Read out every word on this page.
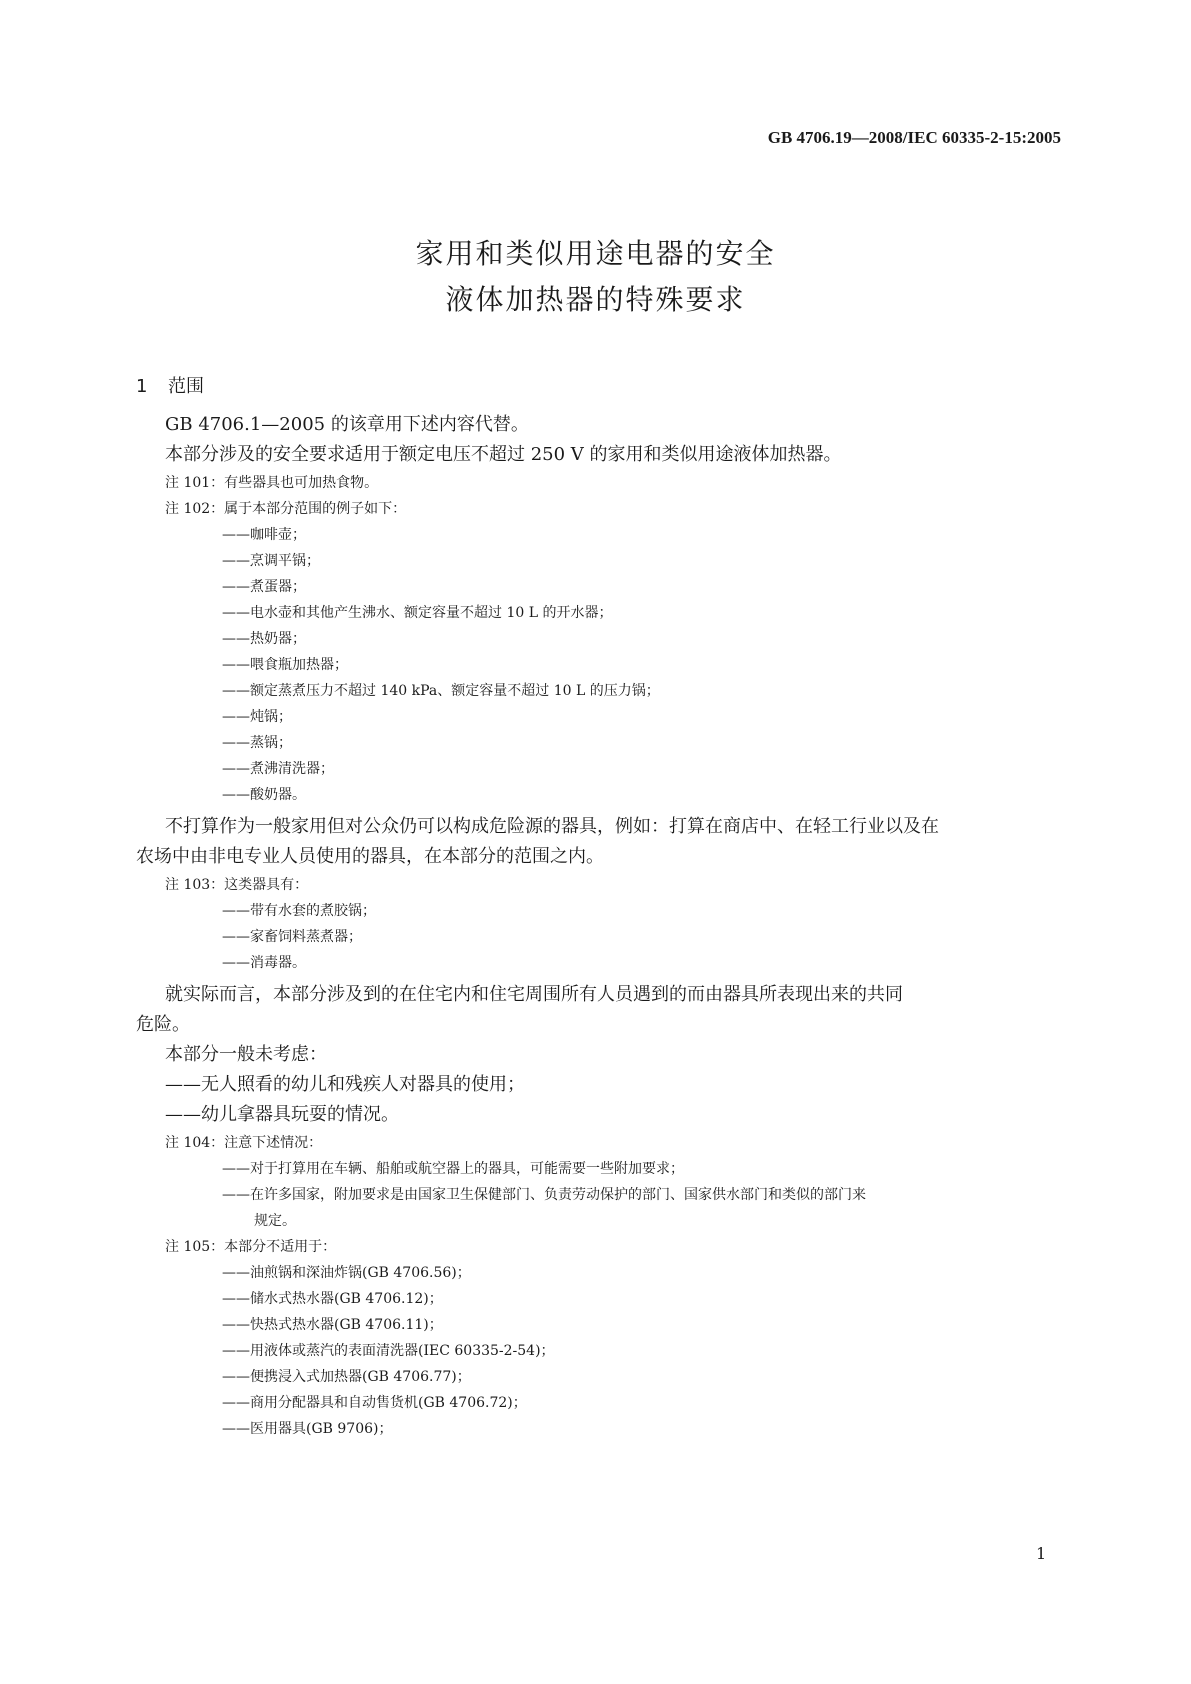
GB 4706.19—2008/IEC 60335-2-15:2005
家用和类似用途电器的安全
液体加热器的特殊要求
1 范围
GB 4706.1—2005 的该章用下述内容代替。
本部分涉及的安全要求适用于额定电压不超过 250 V 的家用和类似用途液体加热器。
注 101：有些器具也可加热食物。
注 102：属于本部分范围的例子如下：
——咖啡壶；
——烹调平锅；
——煮蛋器；
——电水壶和其他产生沸水、额定容量不超过 10 L 的开水器；
——热奶器；
——喂食瓶加热器；
——额定蒸煮压力不超过 140 kPa、额定容量不超过 10 L 的压力锅；
——炖锅；
——蒸锅；
——煮沸清洗器；
——酸奶器。
不打算作为一般家用但对公众仍可以构成危险源的器具，例如：打算在商店中、在轻工行业以及在
农场中由非电专业人员使用的器具，在本部分的范围之内。
注 103：这类器具有：
——带有水套的煮胶锅；
——家畜饲料蒸煮器；
——消毒器。
就实际而言，本部分涉及到的在住宅内和住宅周围所有人员遇到的而由器具所表现出来的共同
危险。
本部分一般未考虑：
——无人照看的幼儿和残疾人对器具的使用；
——幼儿拿器具玩耍的情况。
注 104：注意下述情况：
——对于打算用在车辆、船舶或航空器上的器具，可能需要一些附加要求；
——在许多国家，附加要求是由国家卫生保健部门、负责劳动保护的部门、国家供水部门和类似的部门来
规定。
注 105：本部分不适用于：
——油煎锅和深油炸锅(GB 4706.56)；
——储水式热水器(GB 4706.12)；
——快热式热水器(GB 4706.11)；
——用液体或蒸汽的表面清洗器(IEC 60335-2-54)；
——便携浸入式加热器(GB 4706.77)；
——商用分配器具和自动售货机(GB 4706.72)；
——医用器具(GB 9706)；
1
